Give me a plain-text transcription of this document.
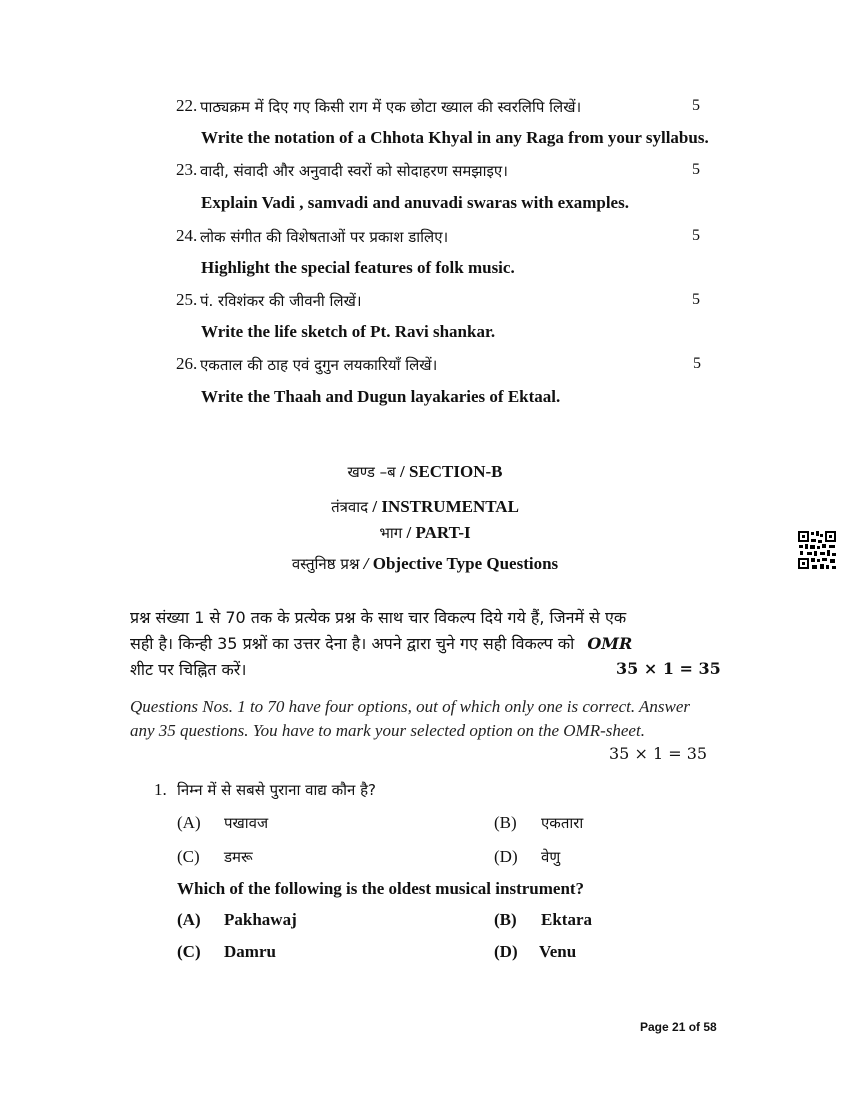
22. पाठ्यक्रम में दिए गए किसी राग में एक छोटा ख्याल की स्वरलिपि लिखें।	5
Write the notation of a Chhota Khyal in any Raga from your syllabus.
23. वादी, संवादी और अनुवादी स्वरों को सोदाहरण समझाइए।	5
Explain Vadi , samvadi and anuvadi swaras with examples.
24. लोक संगीत की विशेषताओं पर प्रकाश डालिए।	5
Highlight the special features of folk music.
25. पं. रविशंकर की जीवनी लिखें।	5
Write the life sketch of Pt. Ravi shankar.
26. एकताल की ठाह एवं दुगुन लयकारियाँ लिखें।	5
Write the Thaah and Dugun layakaries of Ektaal.
खण्ड –ब / SECTION-B
तंत्रवाद / INSTRUMENTAL
भाग / PART-I
वस्तुनिष्ठ प्रश्न / Objective Type Questions
प्रश्न संख्या 1 से 70 तक के प्रत्येक प्रश्न के साथ चार विकल्प दिये गये हैं, जिनमें से एक
सही है। किन्ही 35 प्रश्नों का उत्तर देना है। अपने द्वारा चुने गए सही विकल्प को OMR
शीट पर चिह्नित करें।	35 × 1 = 35
Questions Nos. 1 to 70 have four options, out of which only one is correct. Answer
any 35 questions. You have to mark your selected option on the OMR-sheet.
35 × 1 = 35
1. निम्न में से सबसे पुराना वाद्य कौन है?
(A) पखावज	(B) एकतारा
(C) डमरू	(D) वेणु
Which of the following is the oldest musical instrument?
(A) Pakhawaj	(B) Ektara
(C) Damru	(D) Venu
Page 21 of 58
